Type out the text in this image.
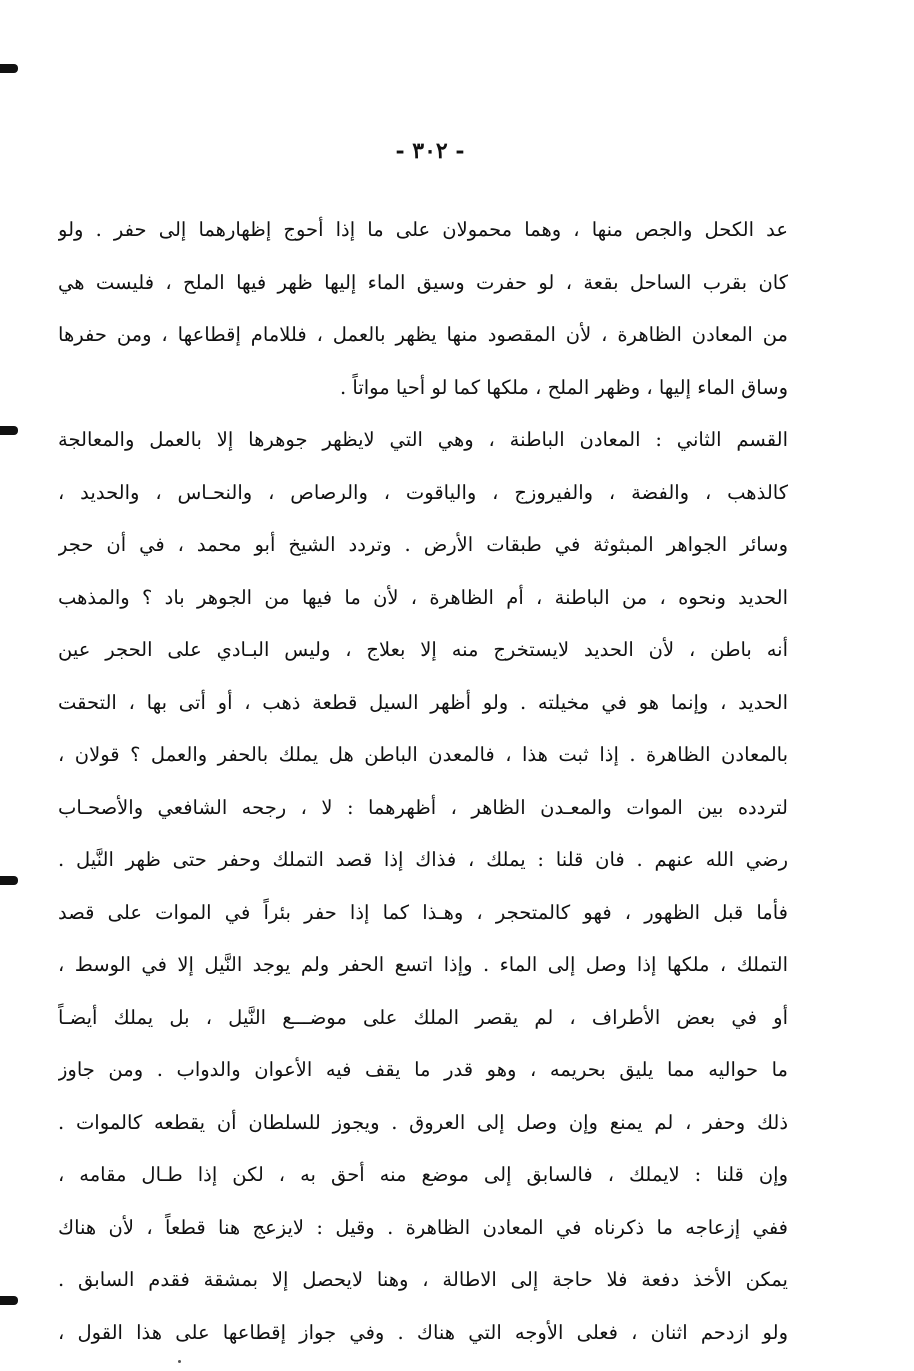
- ٣٠٢ -
عد الكحل والجص منها ، وهما محمولان على ما إذا أحوج إظهارهما إلى حفر . ولو
كان بقرب الساحل بقعة ، لو حفرت وسيق الماء إليها ظهر فيها الملح ، فليست هي
من المعادن الظاهرة ، لأن المقصود منها يظهر بالعمل ، فللامام إقطاعها ، ومن حفرها
وساق الماء إليها ، وظهر الملح ، ملكها كما لو أحيا مواتاً .
القسم الثاني : المعادن الباطنة ، وهي التي لايظهر جوهرها إلا بالعمل والمعالجة
كالذهب ، والفضة ، والفيروزج ، والياقوت ، والرصاص ، والنحـاس ، والحديد ،
وسائر الجواهر المبثوثة في طبقات الأرض . وتردد الشيخ أبو محمد ، في أن حجر
الحديد ونحوه ، من الباطنة ، أم الظاهرة ، لأن ما فيها من الجوهر باد ؟ والمذهب
أنه باطن ، لأن الحديد لايستخرج منه إلا بعلاج ، وليس البـادي على الحجر عين
الحديد ، وإنما هو في مخيلته . ولو أظهر السيل قطعة ذهب ، أو أتى بها ، التحقت
بالمعادن الظاهرة . إذا ثبت هذا ، فالمعدن الباطن هل يملك بالحفر والعمل ؟ قولان ،
لتردده بين الموات والمعـدن الظاهر ، أظهرهما : لا ، رجحه الشافعي والأصحـاب
رضي الله عنهم . فان قلنا : يملك ، فذاك إذا قصد التملك وحفر حتى ظهر النَّيل .
فأما قبل الظهور ، فهو كالمتحجر ، وهـذا كما إذا حفر بئراً في الموات على قصد
التملك ، ملكها إذا وصل إلى الماء . وإذا اتسع الحفر ولم يوجد النَّيل إلا في الوسط ،
أو في بعض الأطراف ، لم يقصر الملك على موضـــع النَّيل ، بل يملك أيضـاً
ما حواليه مما يليق بحريمه ، وهو قدر ما يقف فيه الأعوان والدواب . ومن جاوز
ذلك وحفر ، لم يمنع وإن وصل إلى العروق . ويجوز للسلطان أن يقطعه كالموات .
وإن قلنا : لايملك ، فالسابق إلى موضع منه أحق به ، لكن إذا طـال مقامه ،
ففي إزعاجه ما ذكرناه في المعادن الظاهرة . وقيل : لايزعج هنا قطعاً ، لأن هناك
يمكن الأخذ دفعة فلا حاجة إلى الاطالة ، وهنا لايحصل إلا بمشقة فقدم السابق .
ولو ازدحم اثنان ، فعلى الأوجه التي هناك . وفي جواز إقطاعها على هذا القول ،
